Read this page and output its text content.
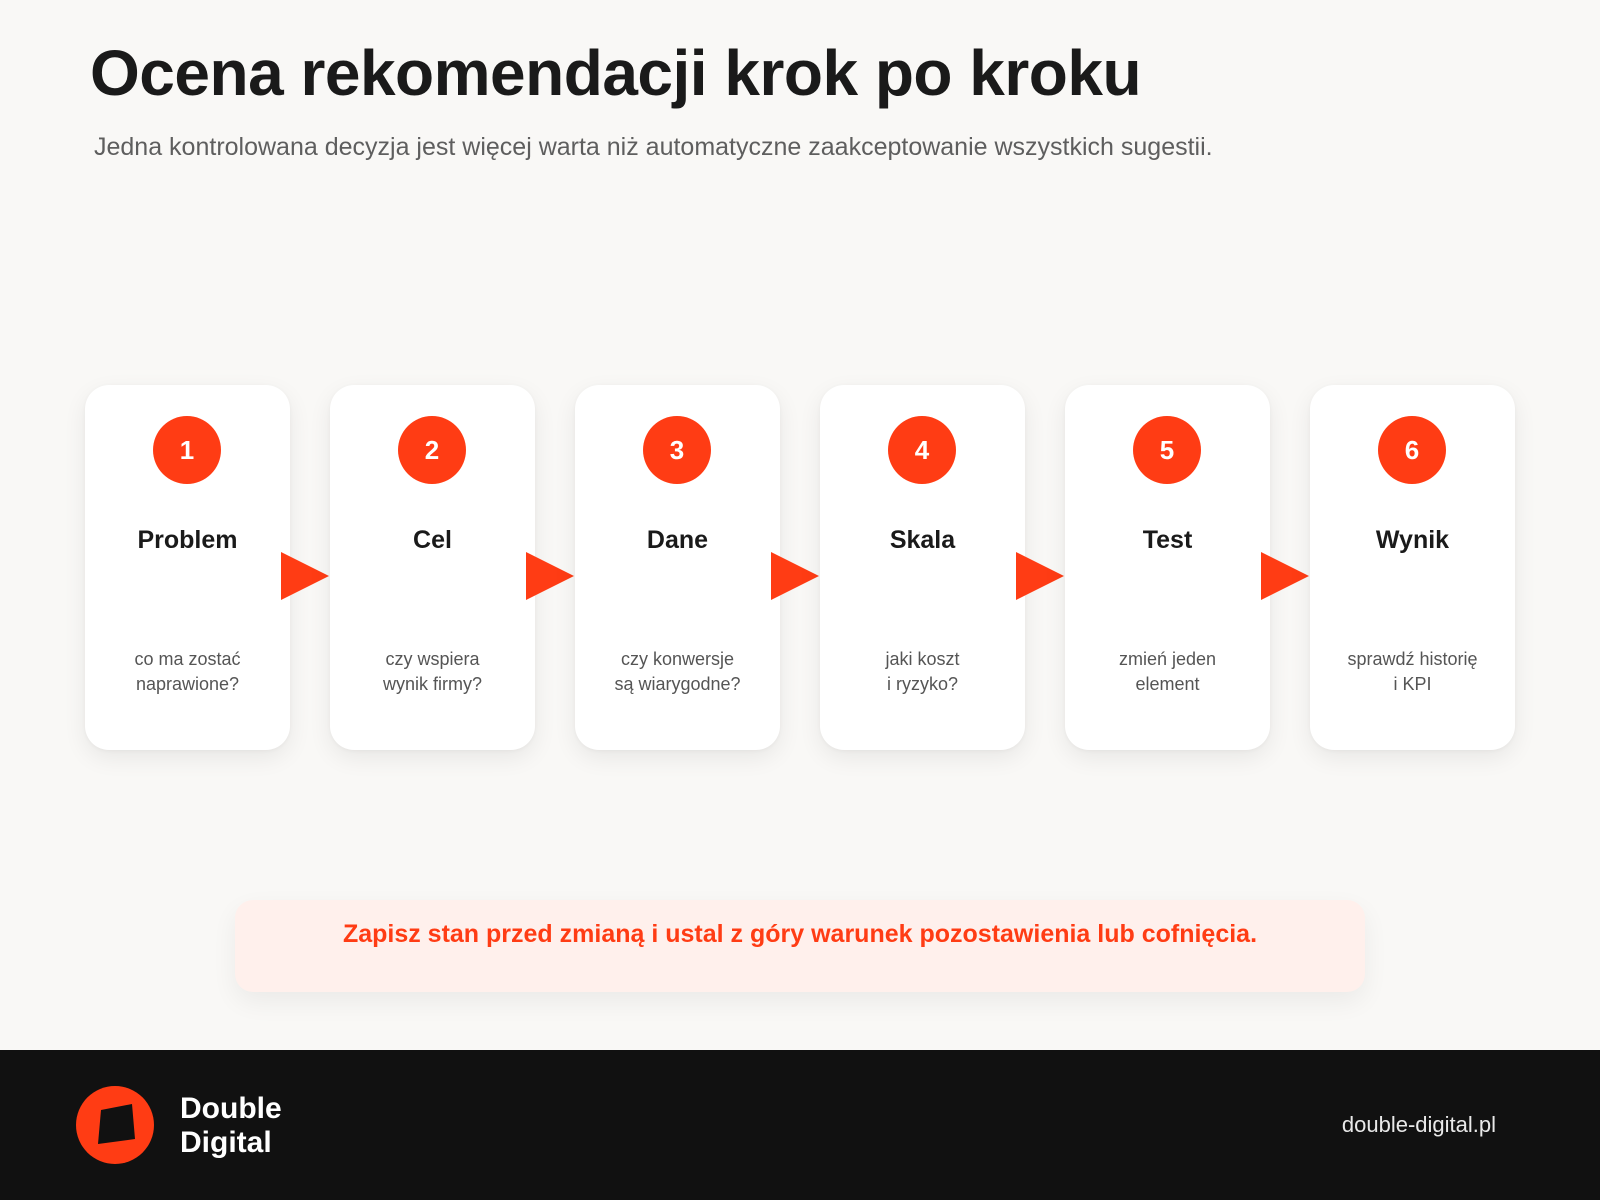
Ocena rekomendacji krok po kroku

Jedna kontrolowana decyzja jest więcej warta niż automatyczne zaakceptowanie wszystkich sugestii.

1
Problem
co ma zostać
naprawione?
2
Cel
czy wspiera
wynik firmy?
3
Dane
czy konwersje
są wiarygodne?
4
Skala
jaki koszt
i ryzyko?
5
Test
zmień jeden
element
6
Wynik
sprawdź historię
i KPI
Zapisz stan przed zmianą i ustal z góry warunek pozostawienia lub cofnięcia.
Double
Digital
double-digital.pl
